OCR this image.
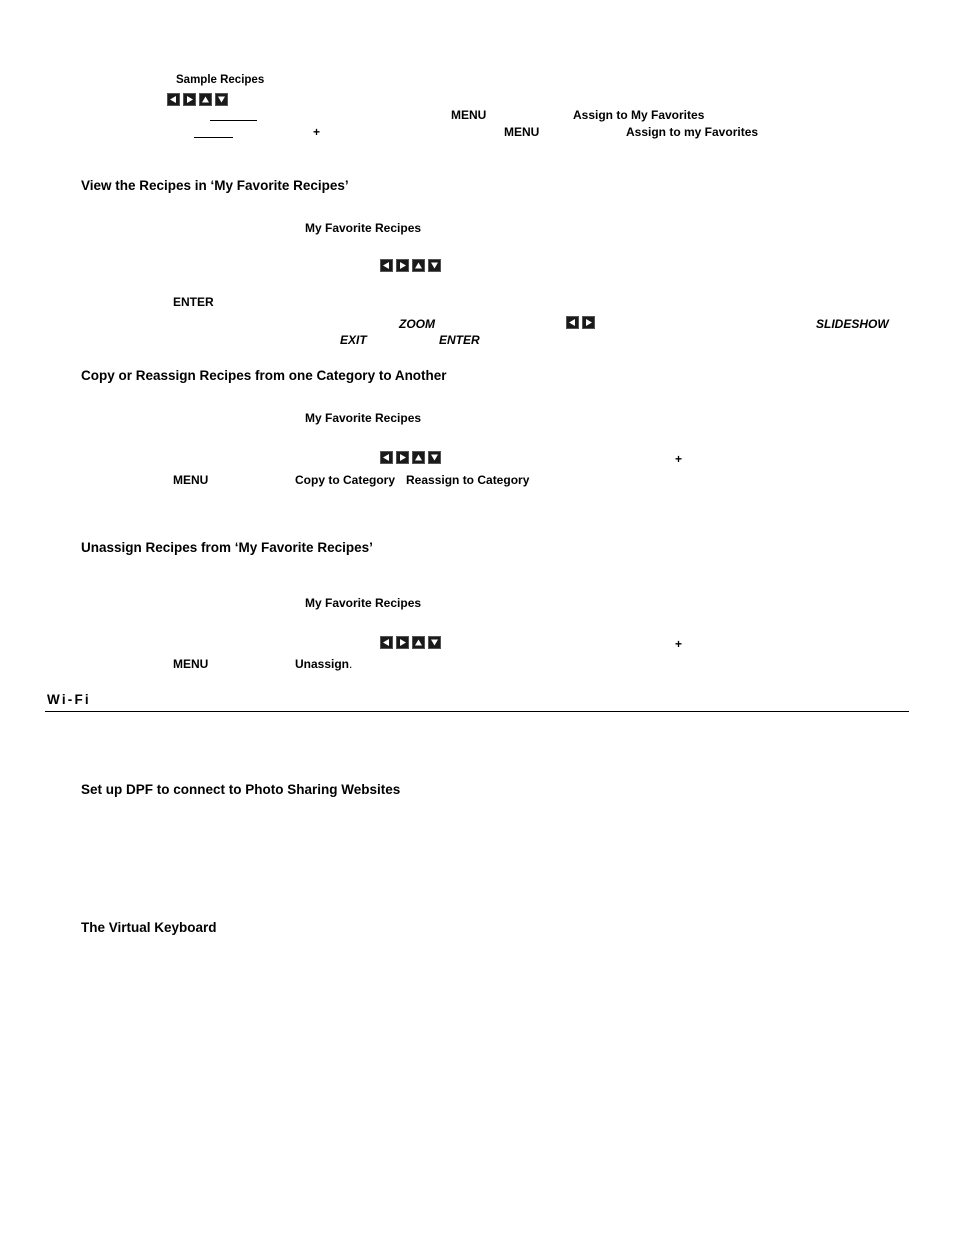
Sample Recipes
MENU	Assign to My Favorites
+	MENU	Assign to my Favorites
View the Recipes in ‘My Favorite Recipes’
My Favorite Recipes
ENTER
ZOOM	SLIDESHOW
EXIT	ENTER
Copy or Reassign Recipes from one Category to Another
My Favorite Recipes
+
MENU	Copy to Category Reassign to Category
Unassign Recipes from ‘My Favorite Recipes’
My Favorite Recipes
+
MENU	Unassign.
Wi-Fi
Set up DPF to connect to Photo Sharing Websites
The Virtual Keyboard
